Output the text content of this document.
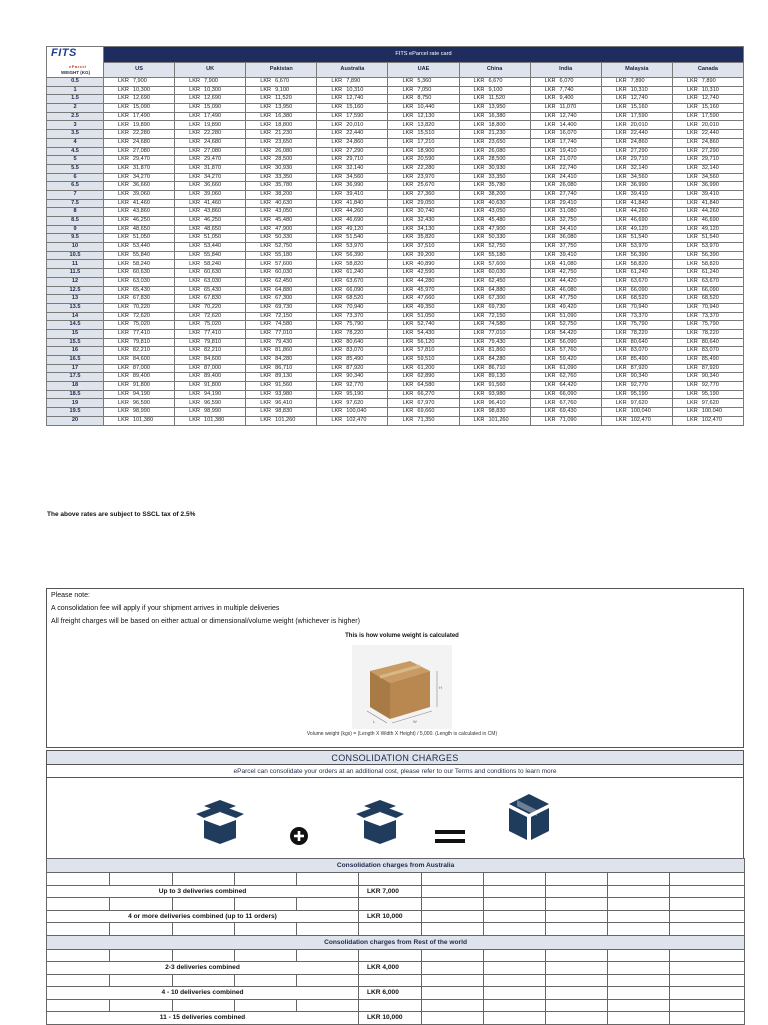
FITS
eParcel
WEIGHT (KG)	FITS eParcel rate card								
	US	UK	Pakistan	Australia	UAE	China	India	Malaysia	Canada
0.5	LKR 7,900	LKR 7,900	LKR 6,670	LKR 7,890	LKR 5,360	LKR 6,670	LKR 6,070	LKR 7,890	LKR 7,890
1	LKR 10,300	LKR 10,300	LKR 9,100	LKR 10,310	LKR 7,050	LKR 9,100	LKR 7,740	LKR 10,310	LKR 10,310
1.5	LKR 12,690	LKR 12,690	LKR 11,520	LKR 12,740	LKR 8,750	LKR 11,520	LKR 9,400	LKR 12,740	LKR 12,740
2	LKR 15,090	LKR 15,090	LKR 13,950	LKR 15,160	LKR 10,440	LKR 13,950	LKR 11,070	LKR 15,160	LKR 15,160
2.5	LKR 17,490	LKR 17,490	LKR 16,380	LKR 17,590	LKR 12,130	LKR 16,380	LKR 12,740	LKR 17,590	LKR 17,590
3	LKR 19,890	LKR 19,890	LKR 18,800	LKR 20,010	LKR 13,820	LKR 18,800	LKR 14,400	LKR 20,010	LKR 20,010
3.5	LKR 22,280	LKR 22,280	LKR 21,230	LKR 22,440	LKR 15,510	LKR 21,230	LKR 16,070	LKR 22,440	LKR 22,440
4	LKR 24,680	LKR 24,680	LKR 23,650	LKR 24,860	LKR 17,210	LKR 23,650	LKR 17,740	LKR 24,860	LKR 24,860
4.5	LKR 27,080	LKR 27,080	LKR 26,080	LKR 27,290	LKR 18,900	LKR 26,080	LKR 19,410	LKR 27,290	LKR 27,290
5	LKR 29,470	LKR 29,470	LKR 28,500	LKR 29,710	LKR 20,590	LKR 28,500	LKR 21,070	LKR 29,710	LKR 29,710
5.5	LKR 31,870	LKR 31,870	LKR 30,930	LKR 32,140	LKR 22,280	LKR 30,930	LKR 22,740	LKR 32,140	LKR 32,140
6	LKR 34,270	LKR 34,270	LKR 33,350	LKR 34,560	LKR 23,970	LKR 33,350	LKR 24,410	LKR 34,560	LKR 34,560
6.5	LKR 36,660	LKR 36,660	LKR 35,780	LKR 36,990	LKR 25,670	LKR 35,780	LKR 26,080	LKR 36,990	LKR 36,990
7	LKR 39,060	LKR 39,060	LKR 38,200	LKR 39,410	LKR 27,360	LKR 38,200	LKR 27,740	LKR 39,410	LKR 39,410
7.5	LKR 41,460	LKR 41,460	LKR 40,630	LKR 41,840	LKR 29,050	LKR 40,630	LKR 29,410	LKR 41,840	LKR 41,840
8	LKR 43,860	LKR 43,860	LKR 43,050	LKR 44,260	LKR 30,740	LKR 43,050	LKR 31,080	LKR 44,260	LKR 44,260
8.5	LKR 46,250	LKR 46,250	LKR 45,480	LKR 46,690	LKR 32,430	LKR 45,480	LKR 32,750	LKR 46,690	LKR 46,690
9	LKR 48,650	LKR 48,650	LKR 47,900	LKR 49,120	LKR 34,130	LKR 47,900	LKR 34,410	LKR 49,120	LKR 49,120
9.5	LKR 51,050	LKR 51,050	LKR 50,330	LKR 51,540	LKR 35,820	LKR 50,330	LKR 36,080	LKR 51,540	LKR 51,540
10	LKR 53,440	LKR 53,440	LKR 52,750	LKR 53,970	LKR 37,510	LKR 52,750	LKR 37,750	LKR 53,970	LKR 53,970
10.5	LKR 55,840	LKR 55,840	LKR 55,180	LKR 56,390	LKR 39,200	LKR 55,180	LKR 39,410	LKR 56,390	LKR 56,390
11	LKR 58,240	LKR 58,240	LKR 57,600	LKR 58,820	LKR 40,890	LKR 57,600	LKR 41,080	LKR 58,820	LKR 58,820
11.5	LKR 60,630	LKR 60,630	LKR 60,030	LKR 61,240	LKR 42,590	LKR 60,030	LKR 42,750	LKR 61,240	LKR 61,240
12	LKR 63,030	LKR 63,030	LKR 62,450	LKR 63,670	LKR 44,280	LKR 62,450	LKR 44,420	LKR 63,670	LKR 63,670
12.5	LKR 65,430	LKR 65,430	LKR 64,880	LKR 66,090	LKR 45,970	LKR 64,880	LKR 46,080	LKR 66,090	LKR 66,090
13	LKR 67,830	LKR 67,830	LKR 67,300	LKR 68,520	LKR 47,660	LKR 67,300	LKR 47,750	LKR 68,520	LKR 68,520
13.5	LKR 70,220	LKR 70,220	LKR 69,730	LKR 70,940	LKR 49,350	LKR 69,730	LKR 49,420	LKR 70,940	LKR 70,940
14	LKR 72,620	LKR 72,620	LKR 72,150	LKR 73,370	LKR 51,050	LKR 72,150	LKR 51,090	LKR 73,370	LKR 73,370
14.5	LKR 75,020	LKR 75,020	LKR 74,580	LKR 75,790	LKR 52,740	LKR 74,580	LKR 52,750	LKR 75,790	LKR 75,790
15	LKR 77,410	LKR 77,410	LKR 77,010	LKR 78,220	LKR 54,430	LKR 77,010	LKR 54,420	LKR 78,220	LKR 78,220
15.5	LKR 79,810	LKR 79,810	LKR 79,430	LKR 80,640	LKR 56,120	LKR 79,430	LKR 56,090	LKR 80,640	LKR 80,640
16	LKR 82,210	LKR 82,210	LKR 81,860	LKR 83,070	LKR 57,810	LKR 81,860	LKR 57,760	LKR 83,070	LKR 83,070
16.5	LKR 84,600	LKR 84,600	LKR 84,280	LKR 85,490	LKR 59,510	LKR 84,280	LKR 59,420	LKR 85,490	LKR 85,490
17	LKR 87,000	LKR 87,000	LKR 86,710	LKR 87,920	LKR 61,200	LKR 86,710	LKR 61,090	LKR 87,920	LKR 87,920
17.5	LKR 89,400	LKR 89,400	LKR 89,130	LKR 90,340	LKR 62,890	LKR 89,130	LKR 62,760	LKR 90,340	LKR 90,340
18	LKR 91,800	LKR 91,800	LKR 91,560	LKR 92,770	LKR 64,580	LKR 91,560	LKR 64,420	LKR 92,770	LKR 92,770
18.5	LKR 94,190	LKR 94,190	LKR 93,980	LKR 95,190	LKR 66,270	LKR 93,980	LKR 66,090	LKR 95,190	LKR 95,190
19	LKR 96,590	LKR 96,590	LKR 96,410	LKR 97,620	LKR 67,970	LKR 96,410	LKR 67,760	LKR 97,620	LKR 97,620
19.5	LKR 98,990	LKR 98,990	LKR 98,830	LKR 100,040	LKR 69,660	LKR 98,830	LKR 69,430	LKR 100,040	LKR 100,040
20	LKR 101,380	LKR 101,380	LKR 101,260	LKR 102,470	LKR 71,350	LKR 101,260	LKR 71,090	LKR 102,470	LKR 102,470
The above rates are subject to SSCL tax of 2.5%
Please note:
A consolidation fee will apply if your shipment arrives in multiple deliveries
All freight charges will be based on either actual or dimensional/volume weight (whichever is higher)
This is how volume weight is calculated
H
W
L
Volume weight (kgs) = (Length X Width X Height) / 5,000. (Length is calculated in CM)
CONSOLIDATION CHARGES
eParcel can consolidate your orders at an additional cost, please refer to our Terms and conditions to learn more
Consolidation charges from Australia										

Up to 3 deliveries combined					LKR 7,000					

4 or more deliveries combined (up to 11 orders)					LKR 10,000					

Consolidation charges from Rest of the world										

2-3 deliveries combined					LKR 4,000					

4 - 10 deliveries combined					LKR 6,000					

11 - 15 deliveries combined					LKR 10,000					
